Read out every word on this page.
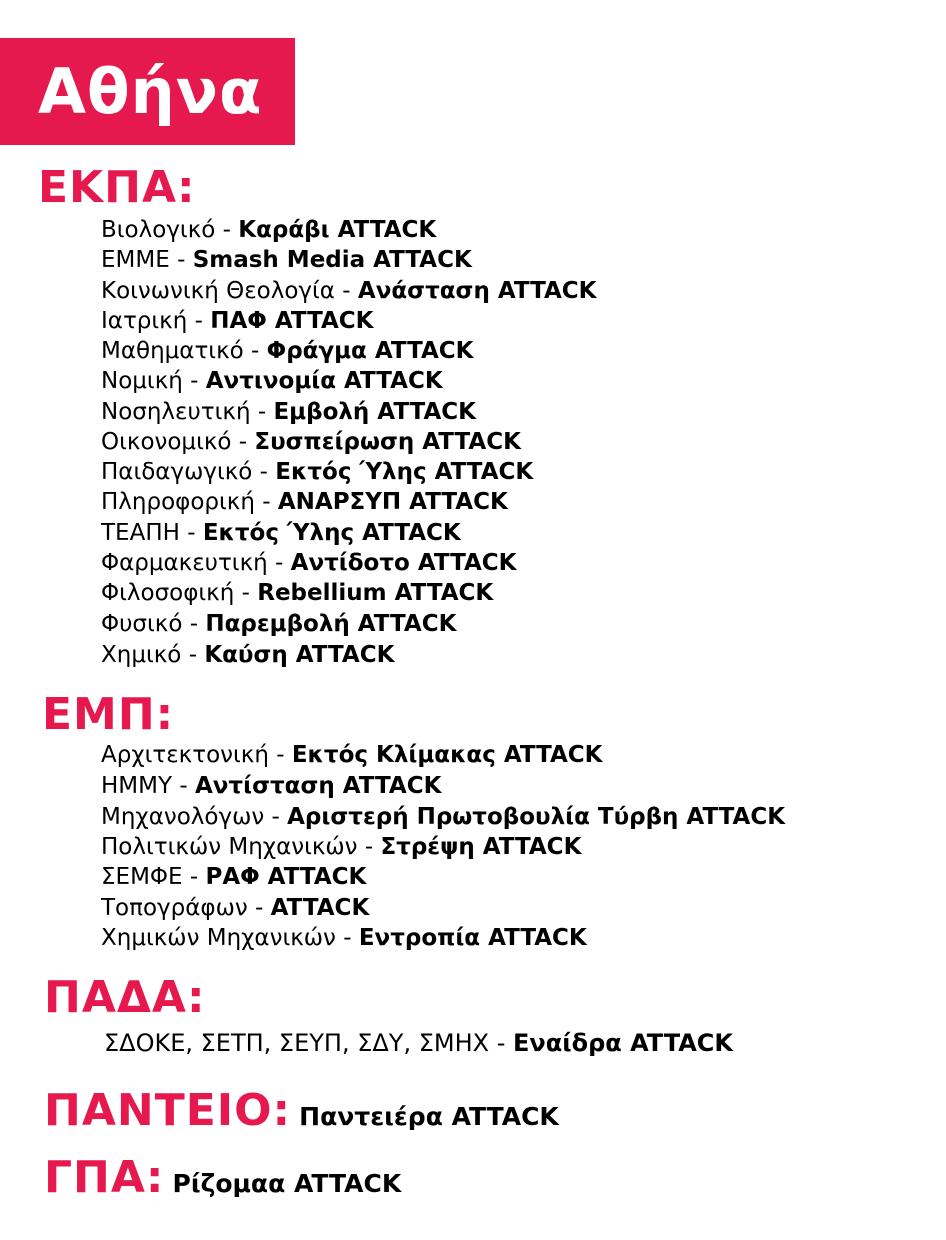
Αθήνα
ΕΚΠΑ:
Βιολογικό - Καράβι ATTACK
ΕΜΜΕ - Smash Media ATTACK
Κοινωνική Θεολογία - Ανάσταση ATTACK
Ιατρική - ΠΑΦ ATTACK
Μαθηματικό - Φράγμα ATTACK
Νομική - Αντινομία ATTACK
Νοσηλευτική - Εμβολή ATTACK
Οικονομικό - Συσπείρωση ATTACK
Παιδαγωγικό - Εκτός Ύλης ATTACK
Πληροφορική - ΑΝΑΡΣΥΠ ATTACK
ΤΕΑΠΗ - Εκτός Ύλης ATTACK
Φαρμακευτική - Αντίδοτο ATTACK
Φιλοσοφική - Rebellium ATTACK
Φυσικό - Παρεμβολή ATTACK
Χημικό - Καύση ATTACK
ΕΜΠ:
Αρχιτεκτονική - Εκτός Κλίμακας ATTACK
ΗΜΜΥ - Αντίσταση ATTACK
Μηχανολόγων - Αριστερή Πρωτοβουλία Τύρβη ATTACK
Πολιτικών Μηχανικών - Στρέψη ATTACK
ΣΕΜΦΕ - ΡΑΦ ATTACK
Τοπογράφων - ATTACK
Χημικών Μηχανικών - Εντροπία ATTACK
ΠΑΔΑ:
ΣΔΟΚΕ, ΣΕΤΠ, ΣΕΥΠ, ΣΔΥ, ΣΜΗΧ - Εναίδρα ATTACK
ΠΑΝΤΕΙΟ: Παντειέρα ATTACK
ΓΠΑ: Ρίζομαα ATTACK
